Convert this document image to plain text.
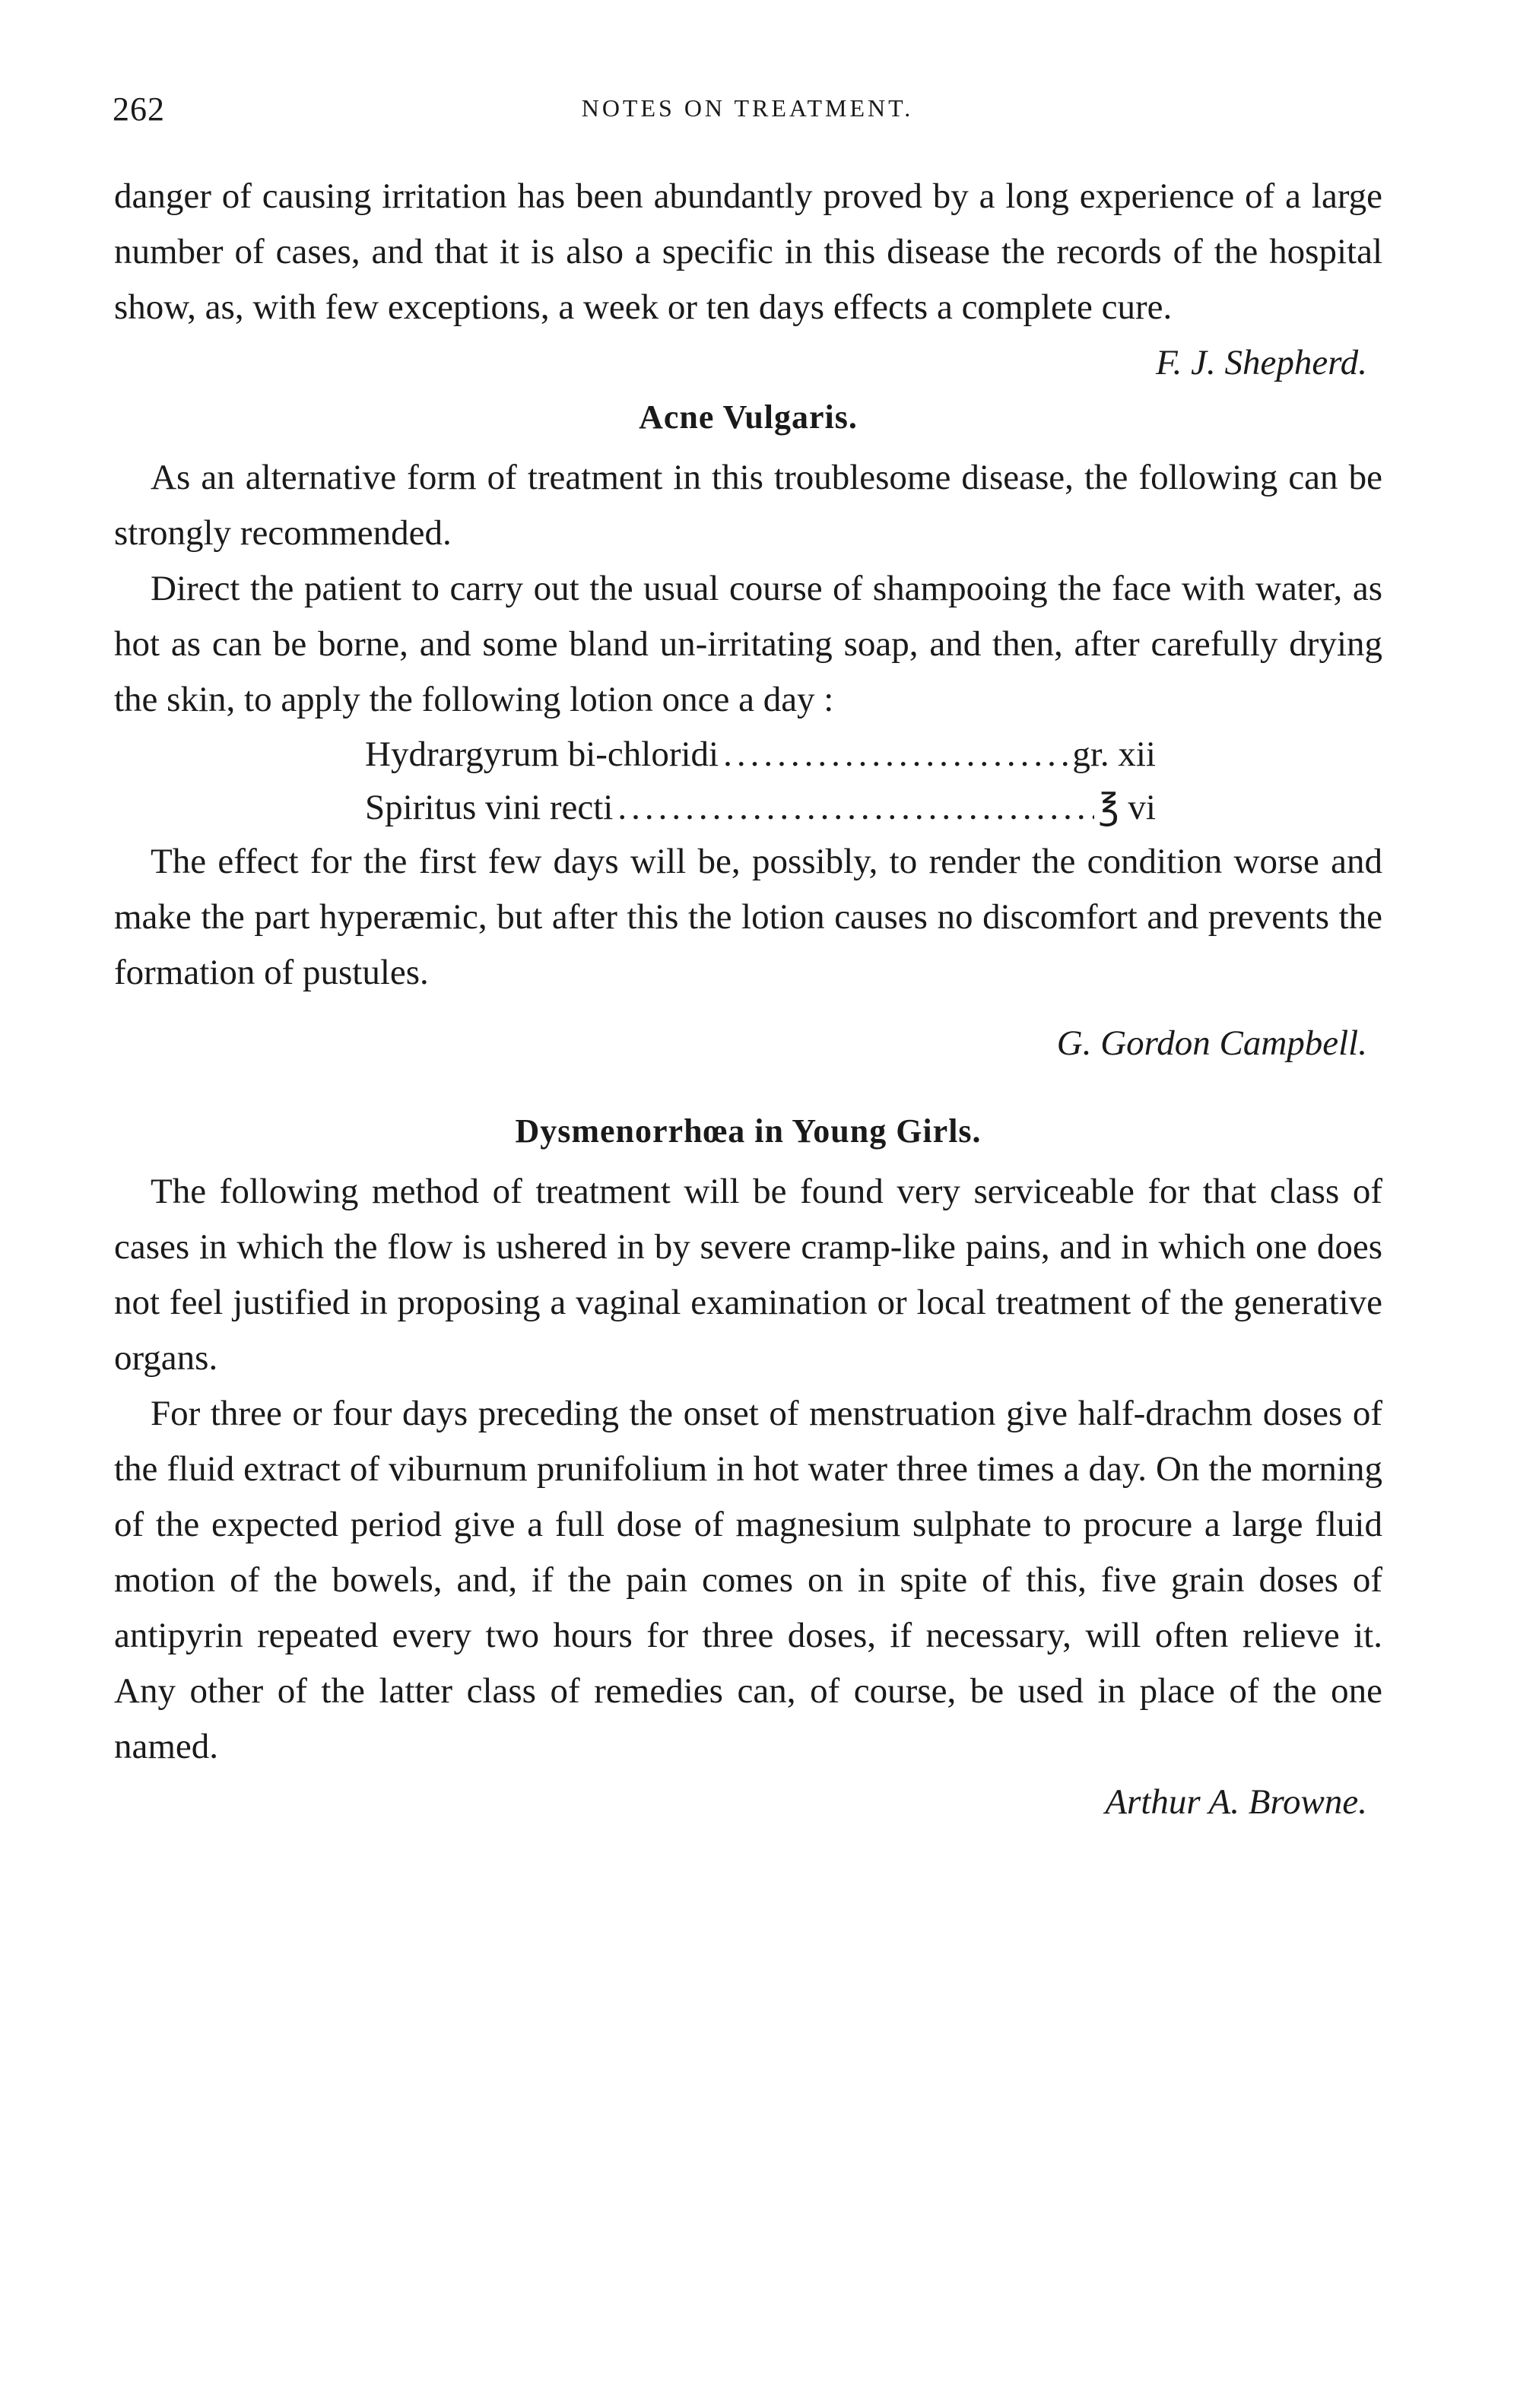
262	NOTES ON TREATMENT.

danger of causing irritation has been abundantly proved by a long experience of a large number of cases, and that it is also a specific in this disease the records of the hospital show, as, with few exceptions, a week or ten days effects a complete cure.

F. J. Shepherd.
Acne Vulgaris.

As an alternative form of treatment in this troublesome disease, the following can be strongly recommended.

Direct the patient to carry out the usual course of shampooing the face with water, as hot as can be borne, and some bland un-irritating soap, and then, after carefully drying the skin, to apply the following lotion once a day :

Hydrargyrum bi-chloridi .....	gr. xii
Spiritus vini recti .....	℥ vi

The effect for the first few days will be, possibly, to render the condition worse and make the part hyperæmic, but after this the lotion causes no discomfort and prevents the formation of pustules.

G. Gordon Campbell.
Dysmenorrhœa in Young Girls.

The following method of treatment will be found very serviceable for that class of cases in which the flow is ushered in by severe cramp-like pains, and in which one does not feel justified in proposing a vaginal examination or local treatment of the generative organs.

For three or four days preceding the onset of menstruation give half-drachm doses of the fluid extract of viburnum prunifolium in hot water three times a day. On the morning of the expected period give a full dose of magnesium sulphate to procure a large fluid motion of the bowels, and, if the pain comes on in spite of this, five grain doses of antipyrin repeated every two hours for three doses, if necessary, will often relieve it. Any other of the latter class of remedies can, of course, be used in place of the one named.

Arthur A. Browne.
